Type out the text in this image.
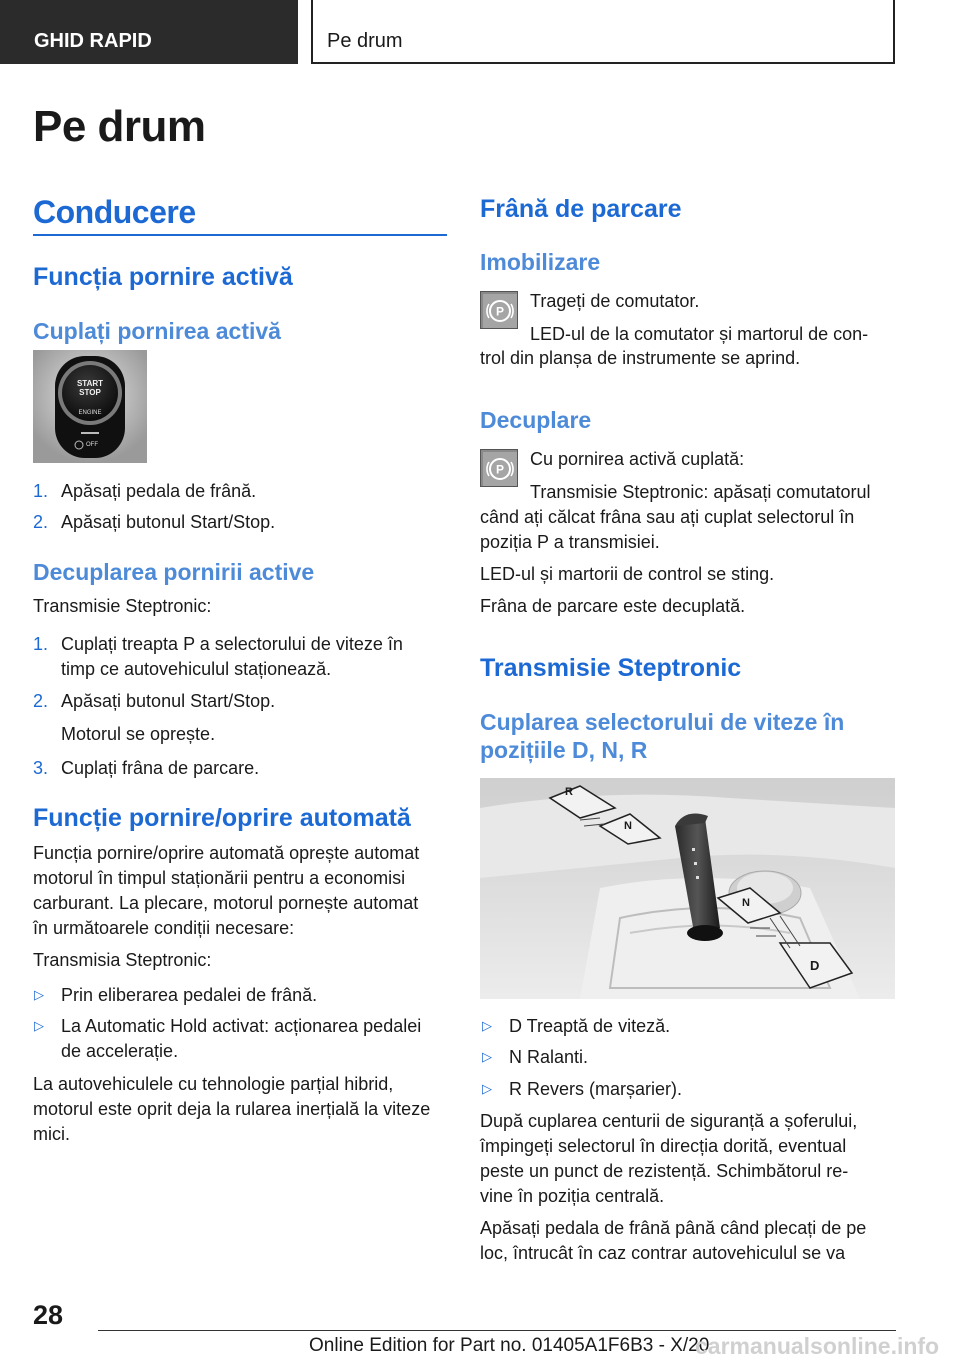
GHID RAPID	Pe drum
Pe drum
Conducere
Funcția pornire activă
Cuplați pornirea activă
START
STOP
ENGINE
OFF
1. Apăsați pedala de frână.
2. Apăsați butonul Start/Stop.
Decuplarea pornirii active
Transmisie Steptronic:
1. Cuplați treapta P a selectorului de viteze în
timp ce autovehiculul staționează.
2. Apăsați butonul Start/Stop.
Motorul se oprește.
3. Cuplați frâna de parcare.
Funcție pornire/oprire automată
Funcția pornire/oprire automată oprește automat
motorul în timpul staționării pentru a economisi
carburant. La plecare, motorul pornește automat
în următoarele condiții necesare:
Transmisia Steptronic:
▷ Prin eliberarea pedalei de frână.
▷ La Automatic Hold activat: acționarea pedalei
de accelerație.
La autovehiculele cu tehnologie parțial hibrid,
motorul este oprit deja la rularea inerțială la viteze
mici.
Frână de parcare
Imobilizare
P
Trageți de comutator.
LED-ul de la comutator și martorul de con-
trol din planșa de instrumente se aprind.
Decuplare
P
Cu pornirea activă cuplată:
Transmisie Steptronic: apăsați comutatorul
când ați călcat frâna sau ați cuplat selectorul în
poziția P a transmisiei.
LED-ul și martorii de control se sting.
Frâna de parcare este decuplată.
Transmisie Steptronic
Cuplarea selectorului de viteze în
pozițiile D, N, R
R
N
N
D
▷ D Treaptă de viteză.
▷ N Ralanti.
▷ R Revers (marșarier).
După cuplarea centurii de siguranță a șoferului,
împingeți selectorul în direcția dorită, eventual
peste un punct de rezistență. Schimbătorul re-
vine în poziția centrală.
Apăsați pedala de frână până când plecați de pe
loc, întrucât în caz contrar autovehiculul se va
28
Online Edition for Part no. 01405A1F6B3 - X/20
carmanualsonline.info
